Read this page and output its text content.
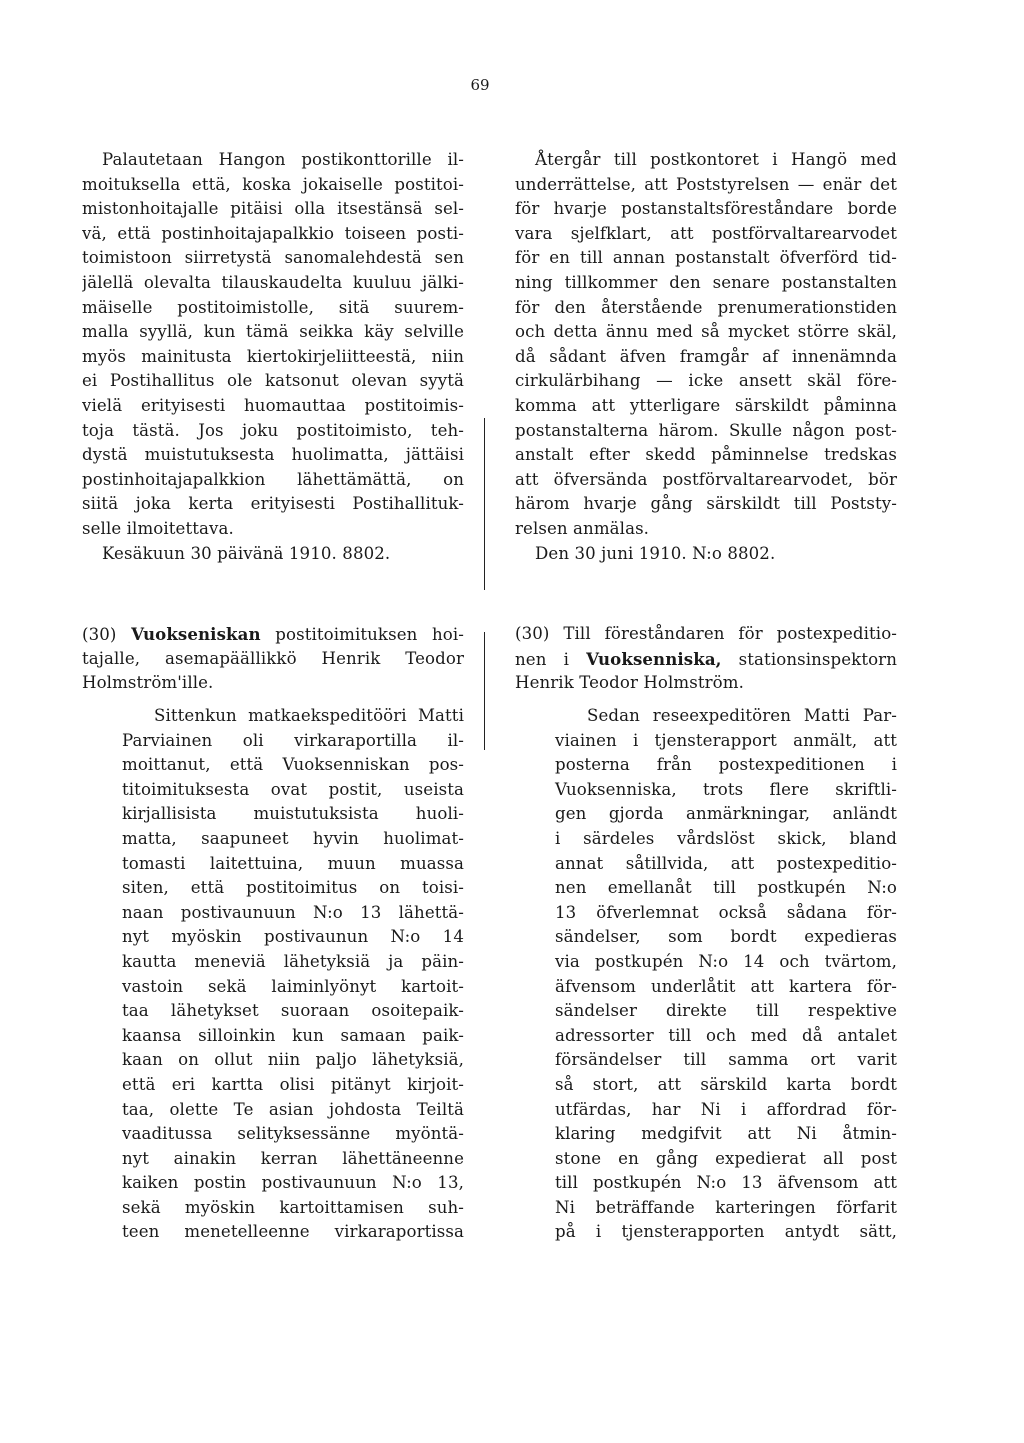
69
Palautetaan Hangon postikonttorille il-
moituksella että, koska jokaiselle postitoi-
mistonhoitajalle pitäisi olla itsestänsä sel-
vä, että postinhoitajapalkkio toiseen posti-
toimistoon siirretystä sanomalehdestä sen
jälellä olevalta tilauskaudelta kuuluu jälki-
mäiselle postitoimistolle, sitä suurem-
malla syyllä, kun tämä seikka käy selville
myös mainitusta kiertokirjeliitteestä, niin
ei Postihallitus ole katsonut olevan syytä
vielä erityisesti huomauttaa postitoimis-
toja tästä. Jos joku postitoimisto, teh-
dystä muistutuksesta huolimatta, jättäisi
postinhoitajapalkkion lähettämättä, on
siitä joka kerta erityisesti Postihallituk-
selle ilmoitettava.
Kesäkuun 30 päivänä 1910. 8802.
(30) Vuokseniskan postitoimituksen hoi-
tajalle, asemapäällikkö Henrik Teodor
Holmström'ille.
Sittenkun matkaekspeditööri Matti
Parviainen oli virkaraportilla il-
moittanut, että Vuoksenniskan pos-
titoimituksesta ovat postit, useista
kirjallisista muistutuksista huoli-
matta, saapuneet hyvin huolimat-
tomasti laitettuina, muun muassa
siten, että postitoimitus on toisi-
naan postivaunuun N:o 13 lähettä-
nyt myöskin postivaunun N:o 14
kautta meneviä lähetyksiä ja päin-
vastoin sekä laiminlyönyt kartoit-
taa lähetykset suoraan osoitepaik-
kaansa silloinkin kun samaan paik-
kaan on ollut niin paljo lähetyksiä,
että eri kartta olisi pitänyt kirjoit-
taa, olette Te asian johdosta Teiltä
vaaditussa selityksessänne myöntä-
nyt ainakin kerran lähettäneenne
kaiken postin postivaunuun N:o 13,
sekä myöskin kartoittamisen suh-
teen menetelleenne virkaraportissa
Återgår till postkontoret i Hangö med
underrättelse, att Poststyrelsen — enär det
för hvarje postanstaltsföreståndare borde
vara sjelfklart, att postförvaltarearvodet
för en till annan postanstalt öfverförd tid-
ning tillkommer den senare postanstalten
för den återstående prenumerationstiden
och detta ännu med så mycket större skäl,
då sådant äfven framgår af innenämnda
cirkulärbihang — icke ansett skäl före-
komma att ytterligare särskildt påminna
postanstalterna härom. Skulle någon post-
anstalt efter skedd påminnelse tredskas
att öfversända postförvaltarearvodet, bör
härom hvarje gång särskildt till Poststy-
relsen anmälas.
Den 30 juni 1910. N:o 8802.
(30) Till föreståndaren för postexpeditio-
nen i Vuoksenniska, stationsinspektorn
Henrik Teodor Holmström.
Sedan reseexpeditören Matti Par-
viainen i tjensterapport anmält, att
posterna från postexpeditionen i
Vuoksenniska, trots flere skriftli-
gen gjorda anmärkningar, anländt
i särdeles vårdslöst skick, bland
annat såtillvida, att postexpeditio-
nen emellanåt till postkupén N:o
13 öfverlemnat också sådana för-
sändelser, som bordt expedieras
via postkupén N:o 14 och tvärtom,
äfvensom underlåtit att kartera för-
sändelser direkte till respektive
adressorter till och med då antalet
försändelser till samma ort varit
så stort, att särskild karta bordt
utfärdas, har Ni i affordrad för-
klaring medgifvit att Ni åtmin-
stone en gång expedierat all post
till postkupén N:o 13 äfvensom att
Ni beträffande karteringen förfarit
på i tjensterapporten antydt sätt,
